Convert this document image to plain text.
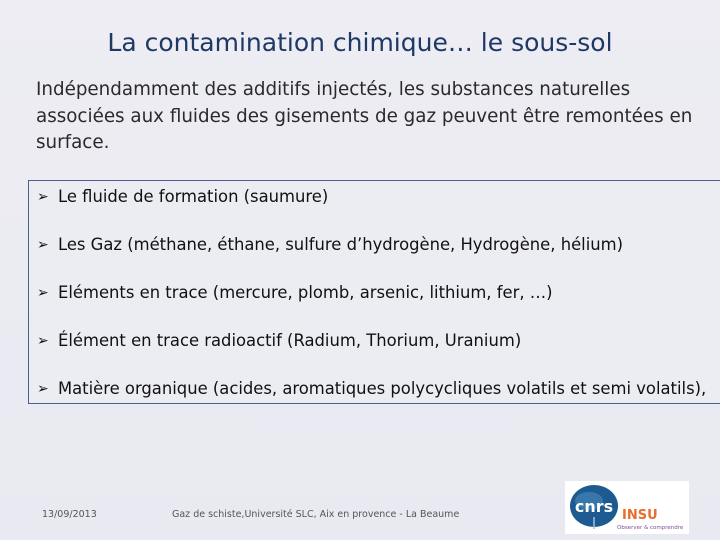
La contamination chimique… le sous-sol
Indépendamment des additifs injectés, les substances naturelles associées aux fluides des gisements de gaz peuvent être remontées en surface.
➢ Le fluide de formation (saumure)
➢ Les Gaz (méthane, éthane, sulfure d’hydrogène, Hydrogène, hélium)
➢ Eléments en trace (mercure, plomb, arsenic, lithium, fer, …)
➢ Élément en trace radioactif (Radium, Thorium, Uranium)
➢ Matière organique (acides, aromatiques polycycliques volatils et semi volatils),
13/09/2013	Gaz de schiste,Université SLC, Aix en provence - La Beaume	cnrs INSU
Observer & comprendre
